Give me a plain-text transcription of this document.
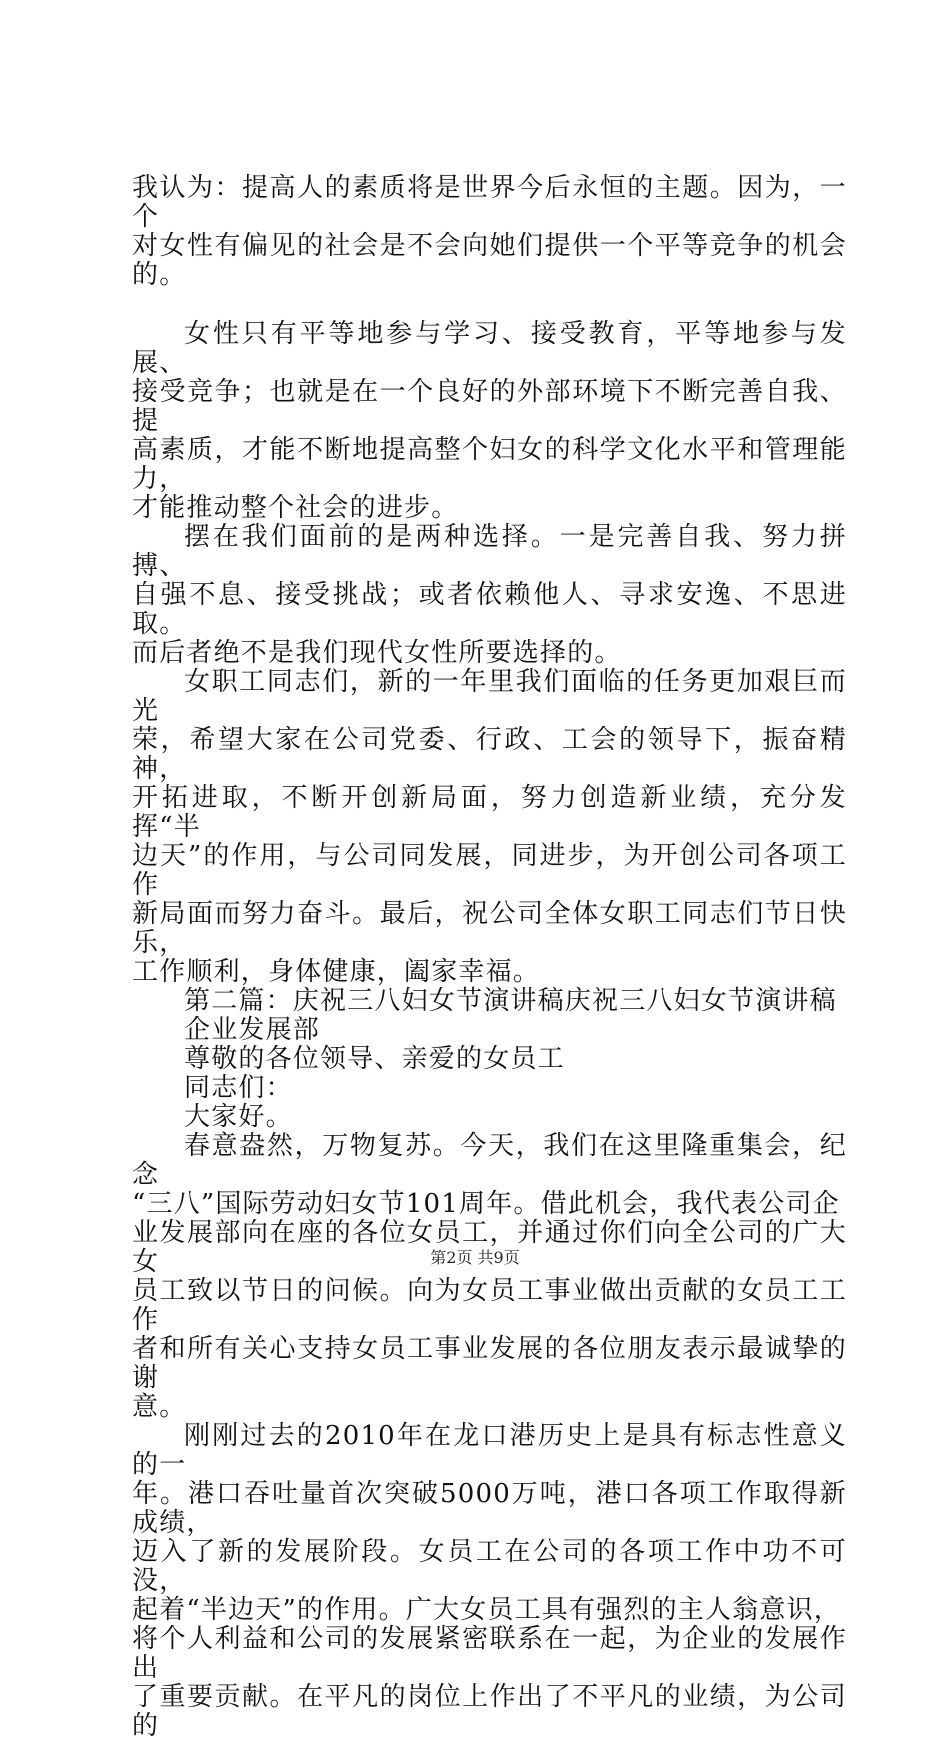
我认为：提高人的素质将是世界今后永恒的主题。因为，一个
对女性有偏见的社会是不会向她们提供一个平等竞争的机会的。

女性只有平等地参与学习、接受教育，平等地参与发展、
接受竞争；也就是在一个良好的外部环境下不断完善自我、提
高素质，才能不断地提高整个妇女的科学文化水平和管理能力，
才能推动整个社会的进步。

摆在我们面前的是两种选择。一是完善自我、努力拼搏、
自强不息、接受挑战；或者依赖他人、寻求安逸、不思进取。
而后者绝不是我们现代女性所要选择的。

女职工同志们，新的一年里我们面临的任务更加艰巨而光
荣，希望大家在公司党委、行政、工会的领导下，振奋精神，
开拓进取，不断开创新局面，努力创造新业绩，充分发挥“半
边天”的作用，与公司同发展，同进步，为开创公司各项工作
新局面而努力奋斗。最后，祝公司全体女职工同志们节日快乐，
工作顺利，身体健康，阖家幸福。

第二篇：庆祝三八妇女节演讲稿庆祝三八妇女节演讲稿

企业发展部

尊敬的各位领导、亲爱的女员工

同志们：

大家好。

春意盎然，万物复苏。今天，我们在这里隆重集会，纪念
“三八”国际劳动妇女节101周年。借此机会，我代表公司企
业发展部向在座的各位女员工，并通过你们向全公司的广大女
员工致以节日的问候。向为女员工事业做出贡献的女员工工作
者和所有关心支持女员工事业发展的各位朋友表示最诚挚的谢
意。

刚刚过去的2010年在龙口港历史上是具有标志性意义的一
年。港口吞吐量首次突破5000万吨，港口各项工作取得新成绩，
迈入了新的发展阶段。女员工在公司的各项工作中功不可没，
起着“半边天”的作用。广大女员工具有强烈的主人翁意识，
将个人利益和公司的发展紧密联系在一起，为企业的发展作出
了重要贡献。在平凡的岗位上作出了不平凡的业绩，为公司的

第2页 共9页
